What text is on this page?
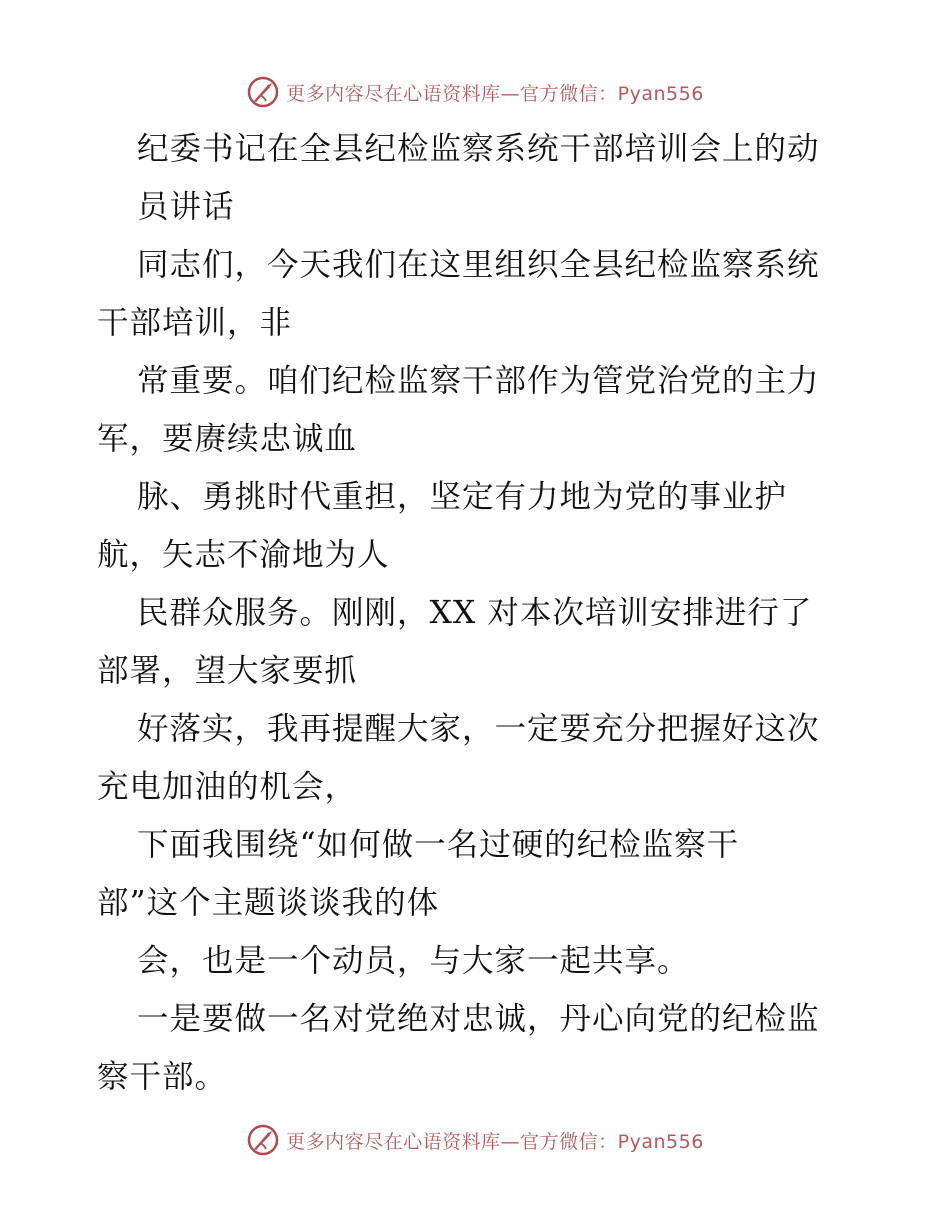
更多内容尽在心语资料库—官方微信：Pyan556
纪委书记在全县纪检监察系统干部培训会上的动
员讲话
同志们，今天我们在这里组织全县纪检监察系统
干部培训，非
常重要。咱们纪检监察干部作为管党治党的主力
军，要赓续忠诚血
脉、勇挑时代重担，坚定有力地为党的事业护
航，矢志不渝地为人
民群众服务。刚刚，XX 对本次培训安排进行了
部署，望大家要抓
好落实，我再提醒大家，一定要充分把握好这次
充电加油的机会，
下面我围绕“如何做一名过硬的纪检监察干
部”这个主题谈谈我的体
会，也是一个动员，与大家一起共享。
一是要做一名对党绝对忠诚，丹心向党的纪检监
察干部。
更多内容尽在心语资料库—官方微信：Pyan556
